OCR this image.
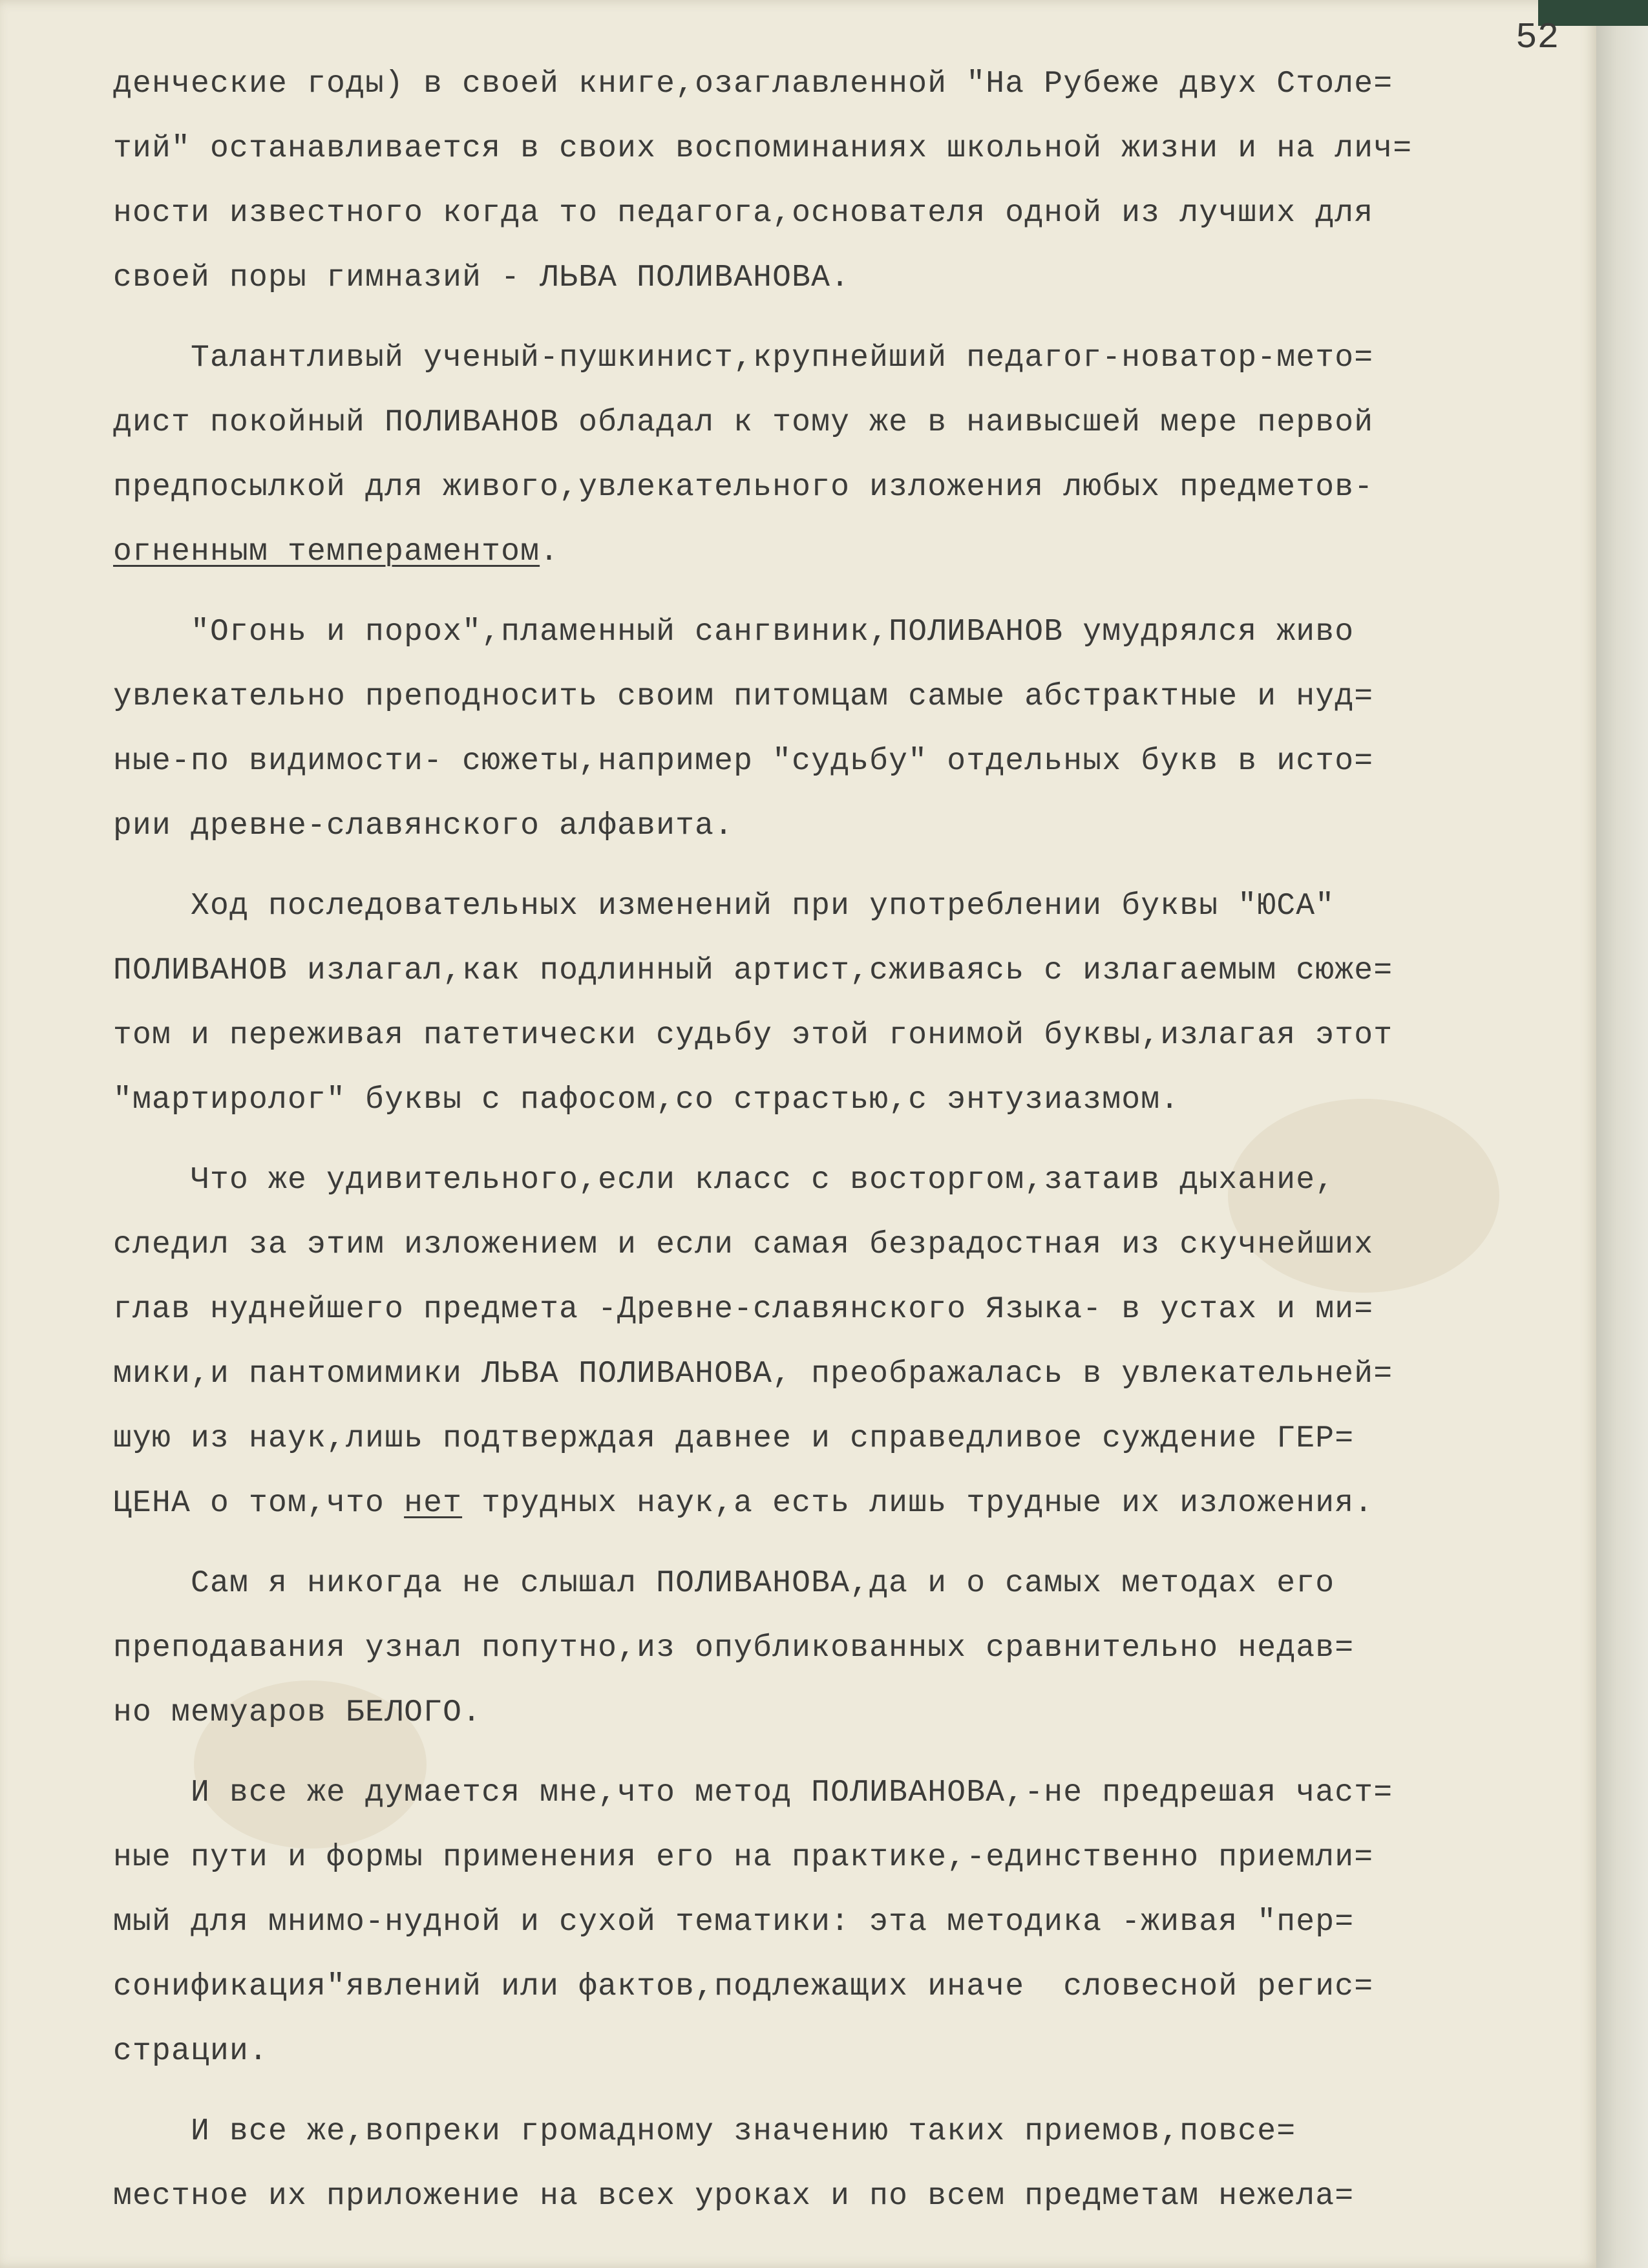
52
денческие годы) в своей книге,озаглавленной "На Рубеже двух Столе=
тий" останавливается в своих воспоминаниях школьной жизни и на лич=
ности известного когда то педагога,основателя одной из лучших для
своей поры гимназий - ЛЬВА ПОЛИВАНОВА.
Талантливый ученый-пушкинист,крупнейший педагог-новатор-мето=
дист покойный ПОЛИВАНОВ обладал к тому же в наивысшей мере первой
предпосылкой для живого,увлекательного изложения любых предметов-
огненным темпераментом.
"Огонь и порох",пламенный сангвиник,ПОЛИВАНОВ умудрялся живо
увлекательно преподносить своим питомцам самые абстрактные и нуд=
ные-по видимости- сюжеты,например "судьбу" отдельных букв в исто=
рии древне-славянского алфавита.
Ход последовательных изменений при употреблении буквы "ЮСА"
ПОЛИВАНОВ излагал,как подлинный артист,сживаясь с излагаемым сюже=
том и переживая патетически судьбу этой гонимой буквы,излагая этот
"мартиролог" буквы с пафосом,со страстью,с энтузиазмом.
Что же удивительного,если класс с восторгом,затаив дыхание,
следил за этим изложением и если самая безрадостная из скучнейших
глав нуднейшего предмета -Древне-славянского Языка- в устах и ми=
мики,и пантомимики ЛЬВА ПОЛИВАНОВА, преображалась в увлекательней=
шую из наук,лишь подтверждая давнее и справедливое суждение ГЕР=
ЦЕНА о том,что нет трудных наук,а есть лишь трудные их изложения.
Сам я никогда не слышал ПОЛИВАНОВА,да и о самых методах его
преподавания узнал попутно,из опубликованных сравнительно недав=
но мемуаров БЕЛОГО.
И все же думается мне,что метод ПОЛИВАНОВА,-не предрешая част=
ные пути и формы применения его на практике,-единственно приемли=
мый для мнимо-нудной и сухой тематики: эта методика -живая "пер=
сонификация"явлений или фактов,подлежащих иначе  словесной регис=
страции.
И все же,вопреки громадному значению таких приемов,повсе=
местное их приложение на всех уроках и по всем предметам нежела=
